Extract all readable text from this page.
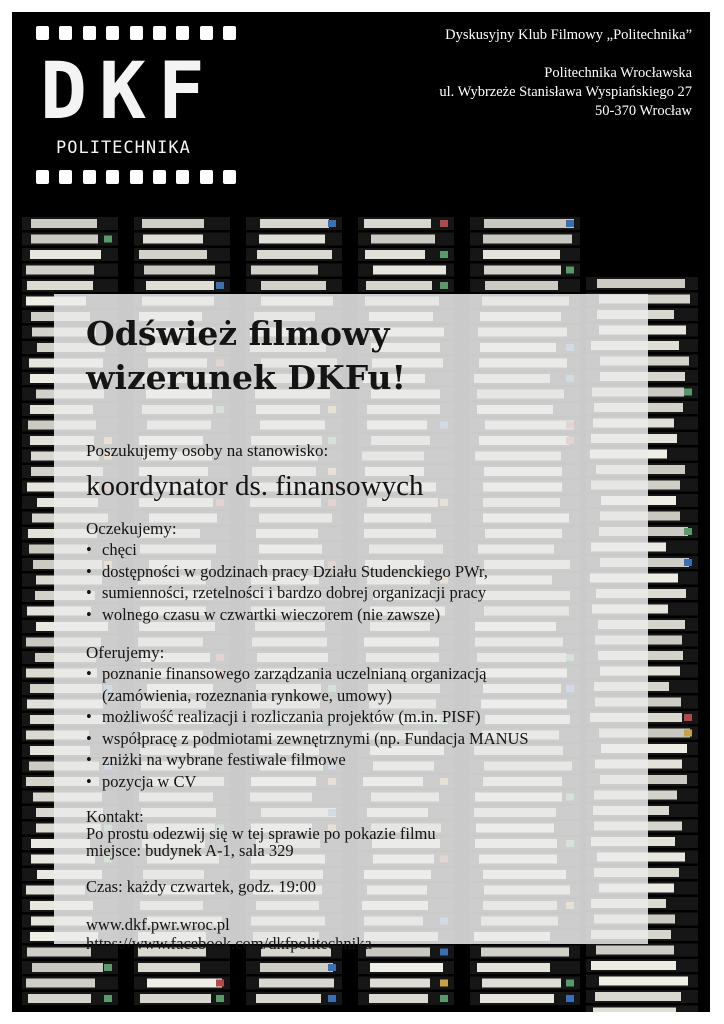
DKF
POLITECHNIKA
Dyskusyjny Klub Filmowy „Politechnika”
Politechnika Wrocławska
ul. Wybrzeże Stanisława Wyspiańskiego 27
50-370 Wrocław
Odśwież filmowy
wizerunek DKFu!
Poszukujemy osoby na stanowisko:
koordynator ds. finansowych
Oczekujemy:
• chęci
• dostępności w godzinach pracy Działu Studenckiego PWr,
• sumienności, rzetelności i bardzo dobrej organizacji pracy
• wolnego czasu w czwartki wieczorem (nie zawsze)
Oferujemy:
• poznanie finansowego zarządzania uczelnianą organizacją
(zamówienia, rozeznania rynkowe, umowy)
• możliwość realizacji i rozliczania projektów (m.in. PISF)
• współpracę z podmiotami zewnętrznymi (np. Fundacja MANUS
• zniżki na wybrane festiwale filmowe
• pozycja w CV
Kontakt:
Po prostu odezwij się w tej sprawie po pokazie filmu
miejsce: budynek A-1, sala 329
Czas: każdy czwartek, godz. 19:00
www.dkf.pwr.wroc.pl
https://www.facebook.com/dkfpolitechnika
